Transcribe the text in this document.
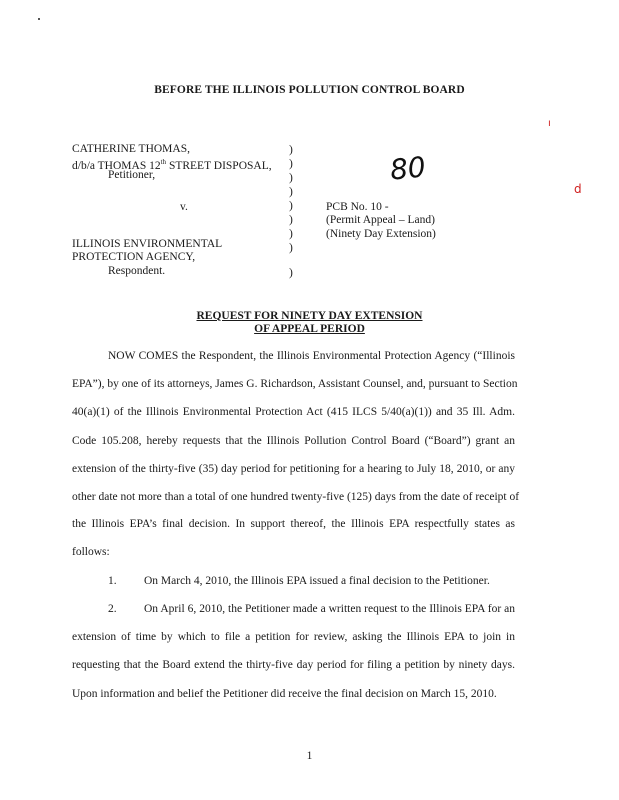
BEFORE THE ILLINOIS POLLUTION CONTROL BOARD
CATHERINE THOMAS,
d/b/a THOMAS 12th STREET DISPOSAL,
Petitioner,
v.
ILLINOIS ENVIRONMENTAL
PROTECTION AGENCY,
Respondent.
)
)
)
)
)
)
)
)
)
PCB No. 10 -
(Permit Appeal – Land)
(Ninety Day Extension)
80
ı
d
REQUEST FOR NINETY DAY EXTENSION
OF APPEAL PERIOD
NOW COMES the Respondent, the Illinois Environmental Protection Agency (“Illinois
EPA”), by one of its attorneys, James G. Richardson, Assistant Counsel, and, pursuant to Section
40(a)(1) of the Illinois Environmental Protection Act (415 ILCS 5/40(a)(1)) and 35 Ill. Adm.
Code 105.208, hereby requests that the Illinois Pollution Control Board (“Board”) grant an
extension of the thirty-five (35) day period for petitioning for a hearing to July 18, 2010, or any
other date not more than a total of one hundred twenty-five (125) days from the date of receipt of
the Illinois EPA’s final decision. In support thereof, the Illinois EPA respectfully states as
follows:
1. On March 4, 2010, the Illinois EPA issued a final decision to the Petitioner.
2. On April 6, 2010, the Petitioner made a written request to the Illinois EPA for an
extension of time by which to file a petition for review, asking the Illinois EPA to join in
requesting that the Board extend the thirty-five day period for filing a petition by ninety days.
Upon information and belief the Petitioner did receive the final decision on March 15, 2010.
1
